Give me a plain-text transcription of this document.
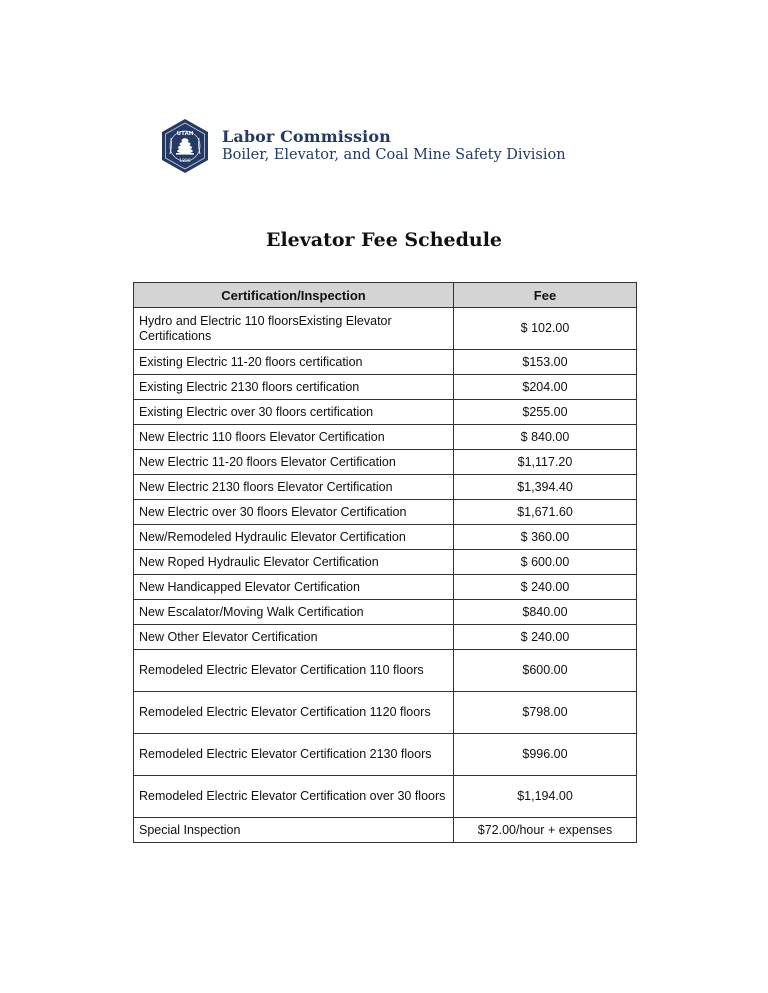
UTAH
1896
Labor Commission
Boiler, Elevator, and Coal Mine Safety Division
Elevator Fee Schedule
Certification/Inspection	Fee
Hydro and Electric 110 floorsExisting Elevator Certifications	$ 102.00
Existing Electric 11-20 floors certification	$153.00
Existing Electric 2130 floors certification	$204.00
Existing Electric over 30 floors certification	$255.00
New Electric 110 floors Elevator Certification	$ 840.00
New Electric 11-20 floors Elevator Certification	$1,117.20
New Electric 2130 floors Elevator Certification	$1,394.40
New Electric over 30 floors Elevator Certification	$1,671.60
New/Remodeled Hydraulic Elevator Certification	$ 360.00
New Roped Hydraulic Elevator Certification	$ 600.00
New Handicapped Elevator Certification	$ 240.00
New Escalator/Moving Walk Certification	$840.00
New Other Elevator Certification	$ 240.00
Remodeled Electric Elevator Certification 110 floors	$600.00
Remodeled Electric Elevator Certification 1120 floors	$798.00
Remodeled Electric Elevator Certification 2130 floors	$996.00
Remodeled Electric Elevator Certification over 30 floors	$1,194.00
Special Inspection	$72.00/hour + expenses
